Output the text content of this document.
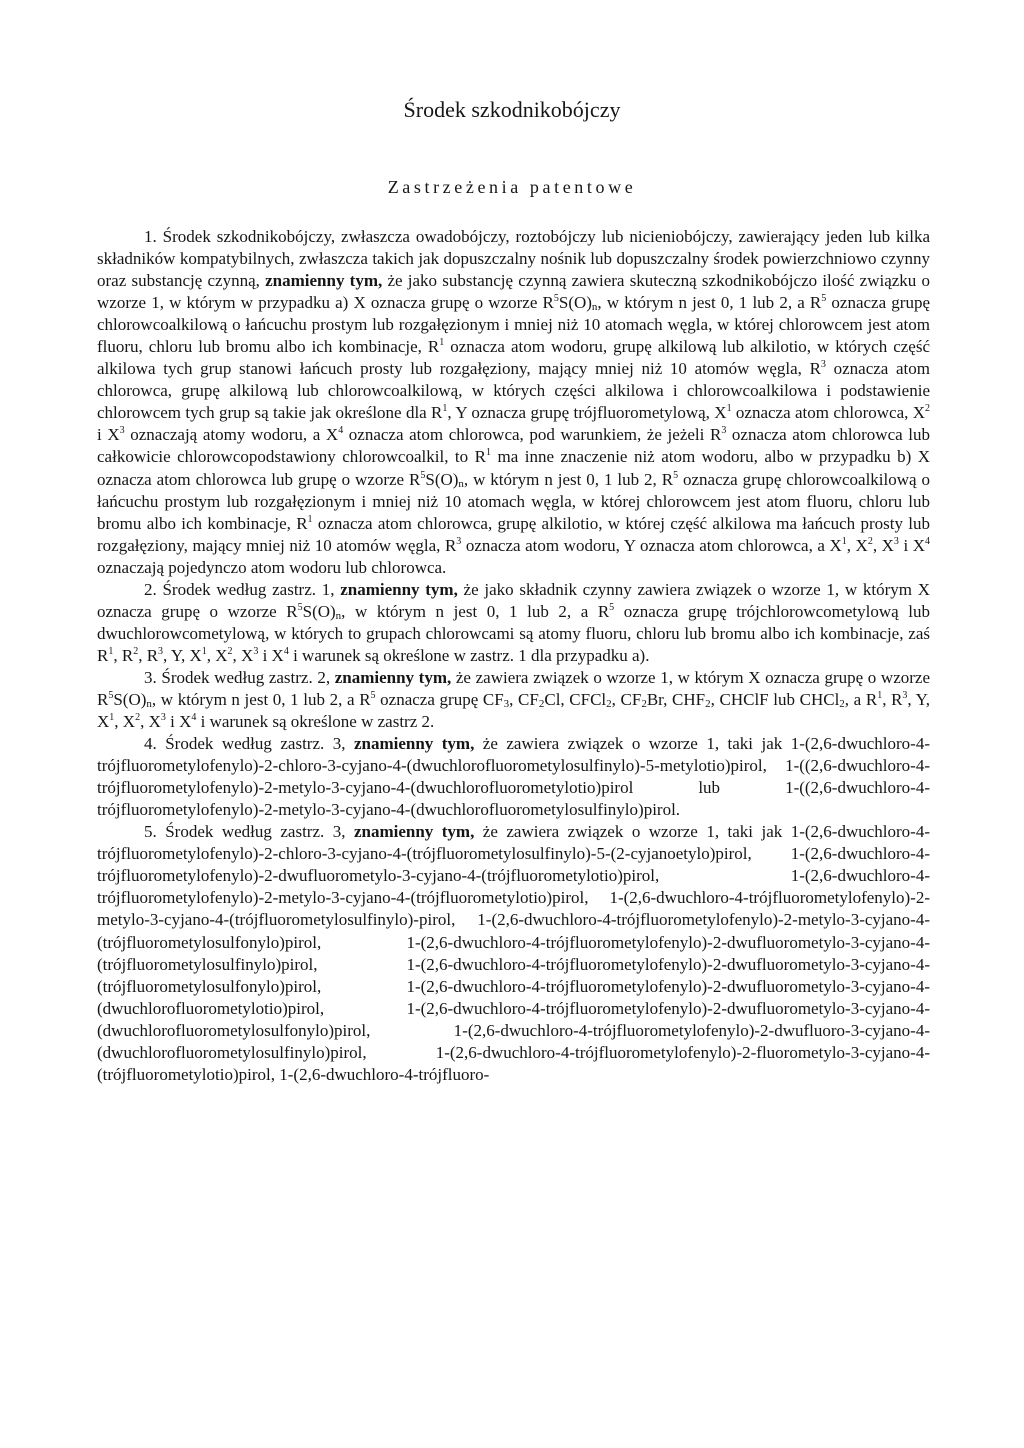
Środek szkodnikobójczy
Zastrzeżenia patentowe

1. Środek szkodnikobójczy, zwłaszcza owadobójczy, roztobójczy lub nicieniobójczy, zawierający jeden lub kilka składników kompatybilnych, zwłaszcza takich jak dopuszczalny nośnik lub dopuszczalny środek powierzchniowo czynny oraz substancję czynną, znamienny tym, że jako substancję czynną zawiera skuteczną szkodnikobójczo ilość związku o wzorze 1, w którym w przypadku a) X oznacza grupę o wzorze $R^5S(O)_n$, w którym n jest 0, 1 lub 2, a $R^5$ oznacza grupę chlorowcoalkilową o łańcuchu prostym lub rozgałęzionym i mniej niż 10 atomach węgla, w której chlorowcem jest atom fluoru, chloru lub bromu albo ich kombinacje, $R^1$ oznacza atom wodoru, grupę alkilową lub alkilotio, w których część alkilowa tych grup stanowi łańcuch prosty lub rozgałęziony, mający mniej niż 10 atomów węgla, $R^3$ oznacza atom chlorowca, grupę alkilową lub chlorowcoalkilową, w których części alkilowa i chlorowcoalkilowa i podstawienie chlorowcem tych grup są takie jak określone dla $R^1$, Y oznacza grupę trójfluorometylową, $X^1$ oznacza atom chlorowca, $X^2$ i $X^3$ oznaczają atomy wodoru, a $X^4$ oznacza atom chlorowca, pod warunkiem, że jeżeli $R^3$ oznacza atom chlorowca lub całkowicie chlorowcopodstawiony chlorowcoalkil, to $R^1$ ma inne znaczenie niż atom wodoru, albo w przypadku b) X oznacza atom chlorowca lub grupę o wzorze $R^5S(O)_n$, w którym n jest 0, 1 lub 2, $R^5$ oznacza grupę chlorowcoalkilową o łańcuchu prostym lub rozgałęzionym i mniej niż 10 atomach węgla, w której chlorowcem jest atom fluoru, chloru lub bromu albo ich kombinacje, $R^1$ oznacza atom chlorowca, grupę alkilotio, w której część alkilowa ma łańcuch prosty lub rozgałęziony, mający mniej niż 10 atomów węgla, $R^3$ oznacza atom wodoru, Y oznacza atom chlorowca, a $X^1$, $X^2$, $X^3$ i $X^4$ oznaczają pojedynczo atom wodoru lub chlorowca.

2. Środek według zastrz. 1, znamienny tym, że jako składnik czynny zawiera związek o wzorze 1, w którym X oznacza grupę o wzorze $R^5S(O)_n$, w którym n jest 0, 1 lub 2, a $R^5$ oznacza grupę trójchlorowcometylową lub dwuchlorowcometylową, w których to grupach chlorowcami są atomy fluoru, chloru lub bromu albo ich kombinacje, zaś $R^1$, $R^2$, $R^3$, Y, $X^1$, $X^2$, $X^3$ i $X^4$ i warunek są określone w zastrz. 1 dla przypadku a).

3. Środek według zastrz. 2, znamienny tym, że zawiera związek o wzorze 1, w którym X oznacza grupę o wzorze $R^5S(O)_n$, w którym n jest 0, 1 lub 2, a $R^5$ oznacza grupę $CF_3$, $CF_2Cl$, CFCl$_2$, $CF_2Br$, $CHF_2$, CHClF lub CHCl$_2$, a $R^1$, $R^3$, Y, $X^1$, $X^2$, $X^3$ i $X^4$ i warunek są określone w zastrz 2.

4. Środek według zastrz. 3, znamienny tym, że zawiera związek o wzorze 1, taki jak 1-(2,6-dwuchloro-4-trójfluorometylofenylo)-2-chloro-3-cyjano-4-(dwuchlorofluorometylosulfinylo)-5-metylotio)pirol, 1-((2,6-dwuchloro-4-trójfluorometylofenylo)-2-metylo-3-cyjano-4-(dwuchlorofluorometylotio)pirol lub 1-((2,6-dwuchloro-4-trójfluorometylofenylo)-2-metylo-3-cyjano-4-(dwuchlorofluorometylosulfinylo)pirol.

5. Środek według zastrz. 3, znamienny tym, że zawiera związek o wzorze 1, taki jak 1-(2,6-dwuchloro-4-trójfluorometylofenylo)-2-chloro-3-cyjano-4-(trójfluorometylosulfinylo)-5-(2-cyjanoetylo)pirol, 1-(2,6-dwuchloro-4-trójfluorometylofenylo)-2-dwufluorometylo-3-cyjano-4-(trójfluorometylotio)pirol, 1-(2,6-dwuchloro-4-trójfluorometylofenylo)-2-metylo-3-cyjano-4-(trójfluorometylotio)pirol, 1-(2,6-dwuchloro-4-trójfluorometylofenylo)-2-metylo-3-cyjano-4-(trójfluorometylosulfinylo)-pirol, 1-(2,6-dwuchloro-4-trójfluorometylofenylo)-2-metylo-3-cyjano-4-(trójfluorometylosulfonylo)pirol, 1-(2,6-dwuchloro-4-trójfluorometylofenylo)-2-dwufluorometylo-3-cyjano-4-(trójfluorometylosulfinylo)pirol, 1-(2,6-dwuchloro-4-trójfluorometylofenylo)-2-dwufluorometylo-3-cyjano-4-(trójfluorometylosulfonylo)pirol, 1-(2,6-dwuchloro-4-trójfluorometylofenylo)-2-dwufluorometylo-3-cyjano-4-(dwuchlorofluorometylotio)pirol, 1-(2,6-dwuchloro-4-trójfluorometylofenylo)-2-dwufluorometylo-3-cyjano-4-(dwuchlorofluorometylosulfonylo)pirol, 1-(2,6-dwuchloro-4-trójfluorometylofenylo)-2-dwufluoro-3-cyjano-4-(dwuchlorofluorometylosulfinylo)pirol, 1-(2,6-dwuchloro-4-trójfluorometylofenylo)-2-fluorometylo-3-cyjano-4-(trójfluorometylotio)pirol, 1-(2,6-dwuchloro-4-trójfluoro-
